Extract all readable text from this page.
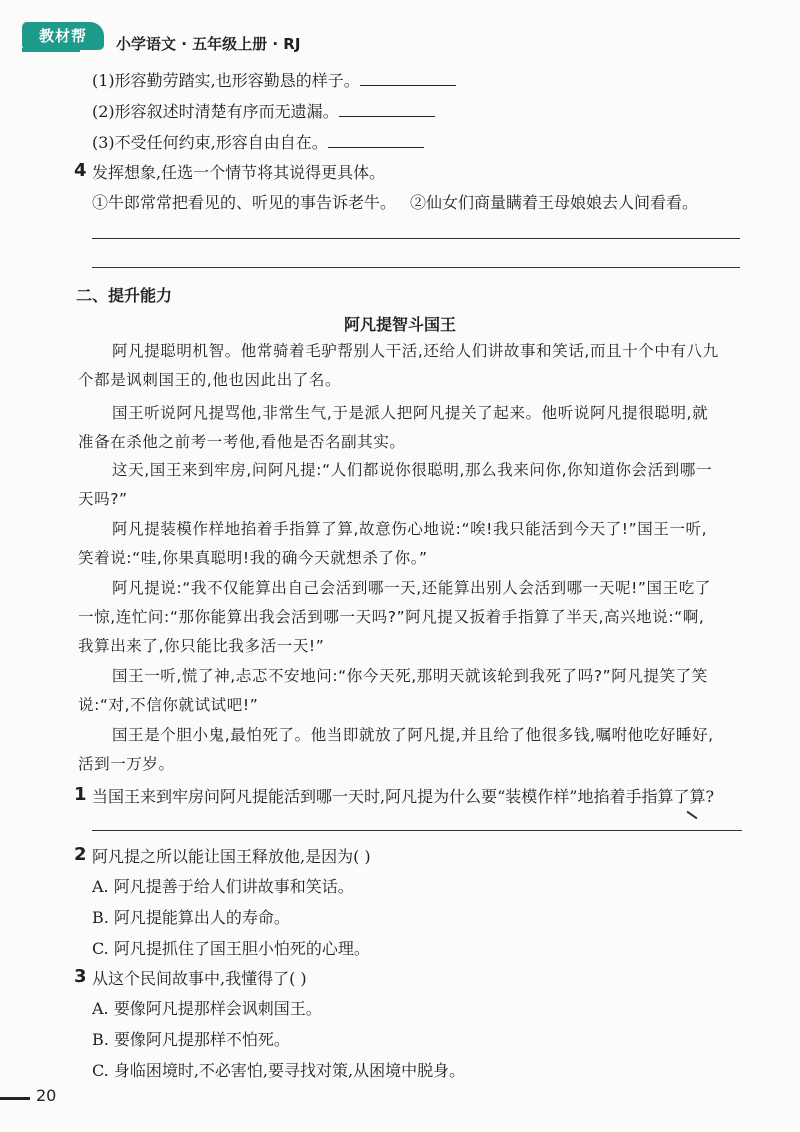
教材帮	小学语文 · 五年级上册 · RJ
(1)形容勤劳踏实,也形容勤恳的样子。
(2)形容叙述时清楚有序而无遗漏。
(3)不受任何约束,形容自由自在。
4 发挥想象,任选一个情节将其说得更具体。
①牛郎常常把看见的、听见的事告诉老牛。 ②仙女们商量瞒着王母娘娘去人间看看。
二、提升能力
阿凡提智斗国王
阿凡提聪明机智。他常骑着毛驴帮别人干活,还给人们讲故事和笑话,而且十个中有八九
个都是讽刺国王的,他也因此出了名。
国王听说阿凡提骂他,非常生气,于是派人把阿凡提关了起来。他听说阿凡提很聪明,就
准备在杀他之前考一考他,看他是否名副其实。
这天,国王来到牢房,问阿凡提:“人们都说你很聪明,那么我来问你,你知道你会活到哪一
天吗?”
阿凡提装模作样地掐着手指算了算,故意伤心地说:“唉!我只能活到今天了!”国王一听,
笑着说:“哇,你果真聪明!我的确今天就想杀了你。”
阿凡提说:“我不仅能算出自己会活到哪一天,还能算出别人会活到哪一天呢!”国王吃了
一惊,连忙问:“那你能算出我会活到哪一天吗?”阿凡提又扳着手指算了半天,高兴地说:“啊,
我算出来了,你只能比我多活一天!”
国王一听,慌了神,忐忑不安地问:“你今天死,那明天就该轮到我死了吗?”阿凡提笑了笑
说:“对,不信你就试试吧!”
国王是个胆小鬼,最怕死了。他当即就放了阿凡提,并且给了他很多钱,嘱咐他吃好睡好,
活到一万岁。
1 当国王来到牢房问阿凡提能活到哪一天时,阿凡提为什么要“装模作样”地掐着手指算了算?
2 阿凡提之所以能让国王释放他,是因为( )
A. 阿凡提善于给人们讲故事和笑话。
B. 阿凡提能算出人的寿命。
C. 阿凡提抓住了国王胆小怕死的心理。
3 从这个民间故事中,我懂得了( )
A. 要像阿凡提那样会讽刺国王。
B. 要像阿凡提那样不怕死。
C. 身临困境时,不必害怕,要寻找对策,从困境中脱身。
20
